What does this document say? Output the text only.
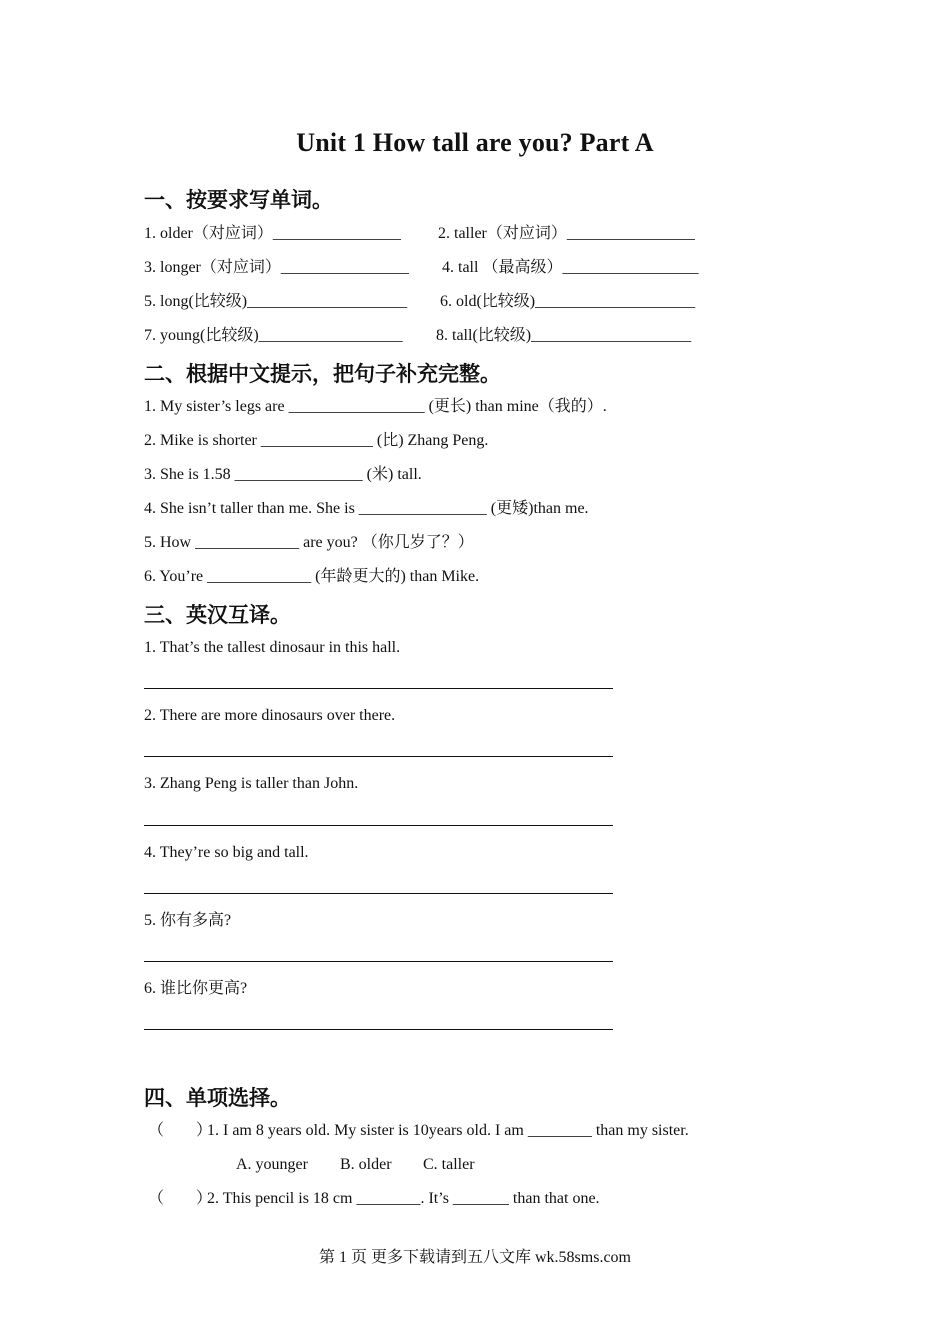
Unit 1 How tall are you? Part A
一、按要求写单词。
1. older（对应词）________________ 2. taller（对应词）________________
3. longer（对应词）________________ 4. tall （最高级）_________________
5. long(比较级)____________________ 6. old(比较级)____________________
7. young(比较级)__________________ 8. tall(比较级)____________________
二、根据中文提示，把句子补充完整。
1. My sister’s legs are _________________ (更长) than mine（我的）.
2. Mike is shorter ______________ (比) Zhang Peng.
3. She is 1.58 ________________ (米) tall.
4. She isn’t taller than me. She is ________________ (更矮)than me.
5. How _____________ are you? （你几岁了？）
6. You’re _____________ (年龄更大的) than Mike.
三、英汉互译。
1. That’s the tallest dinosaur in this hall.
2. There are more dinosaurs over there.
3. Zhang Peng is taller than John.
4. They’re so big and tall.
5. 你有多高?
6. 谁比你更高?
四、单项选择。
（　　）
1. I am 8 years old. My sister is 10years old. I am ________ than my sister.
A. younger B. older C. taller
（　　）
2. This pencil is 18 cm ________. It’s _______ than that one.
第 1 页 更多下载请到五八文库 wk.58sms.com
